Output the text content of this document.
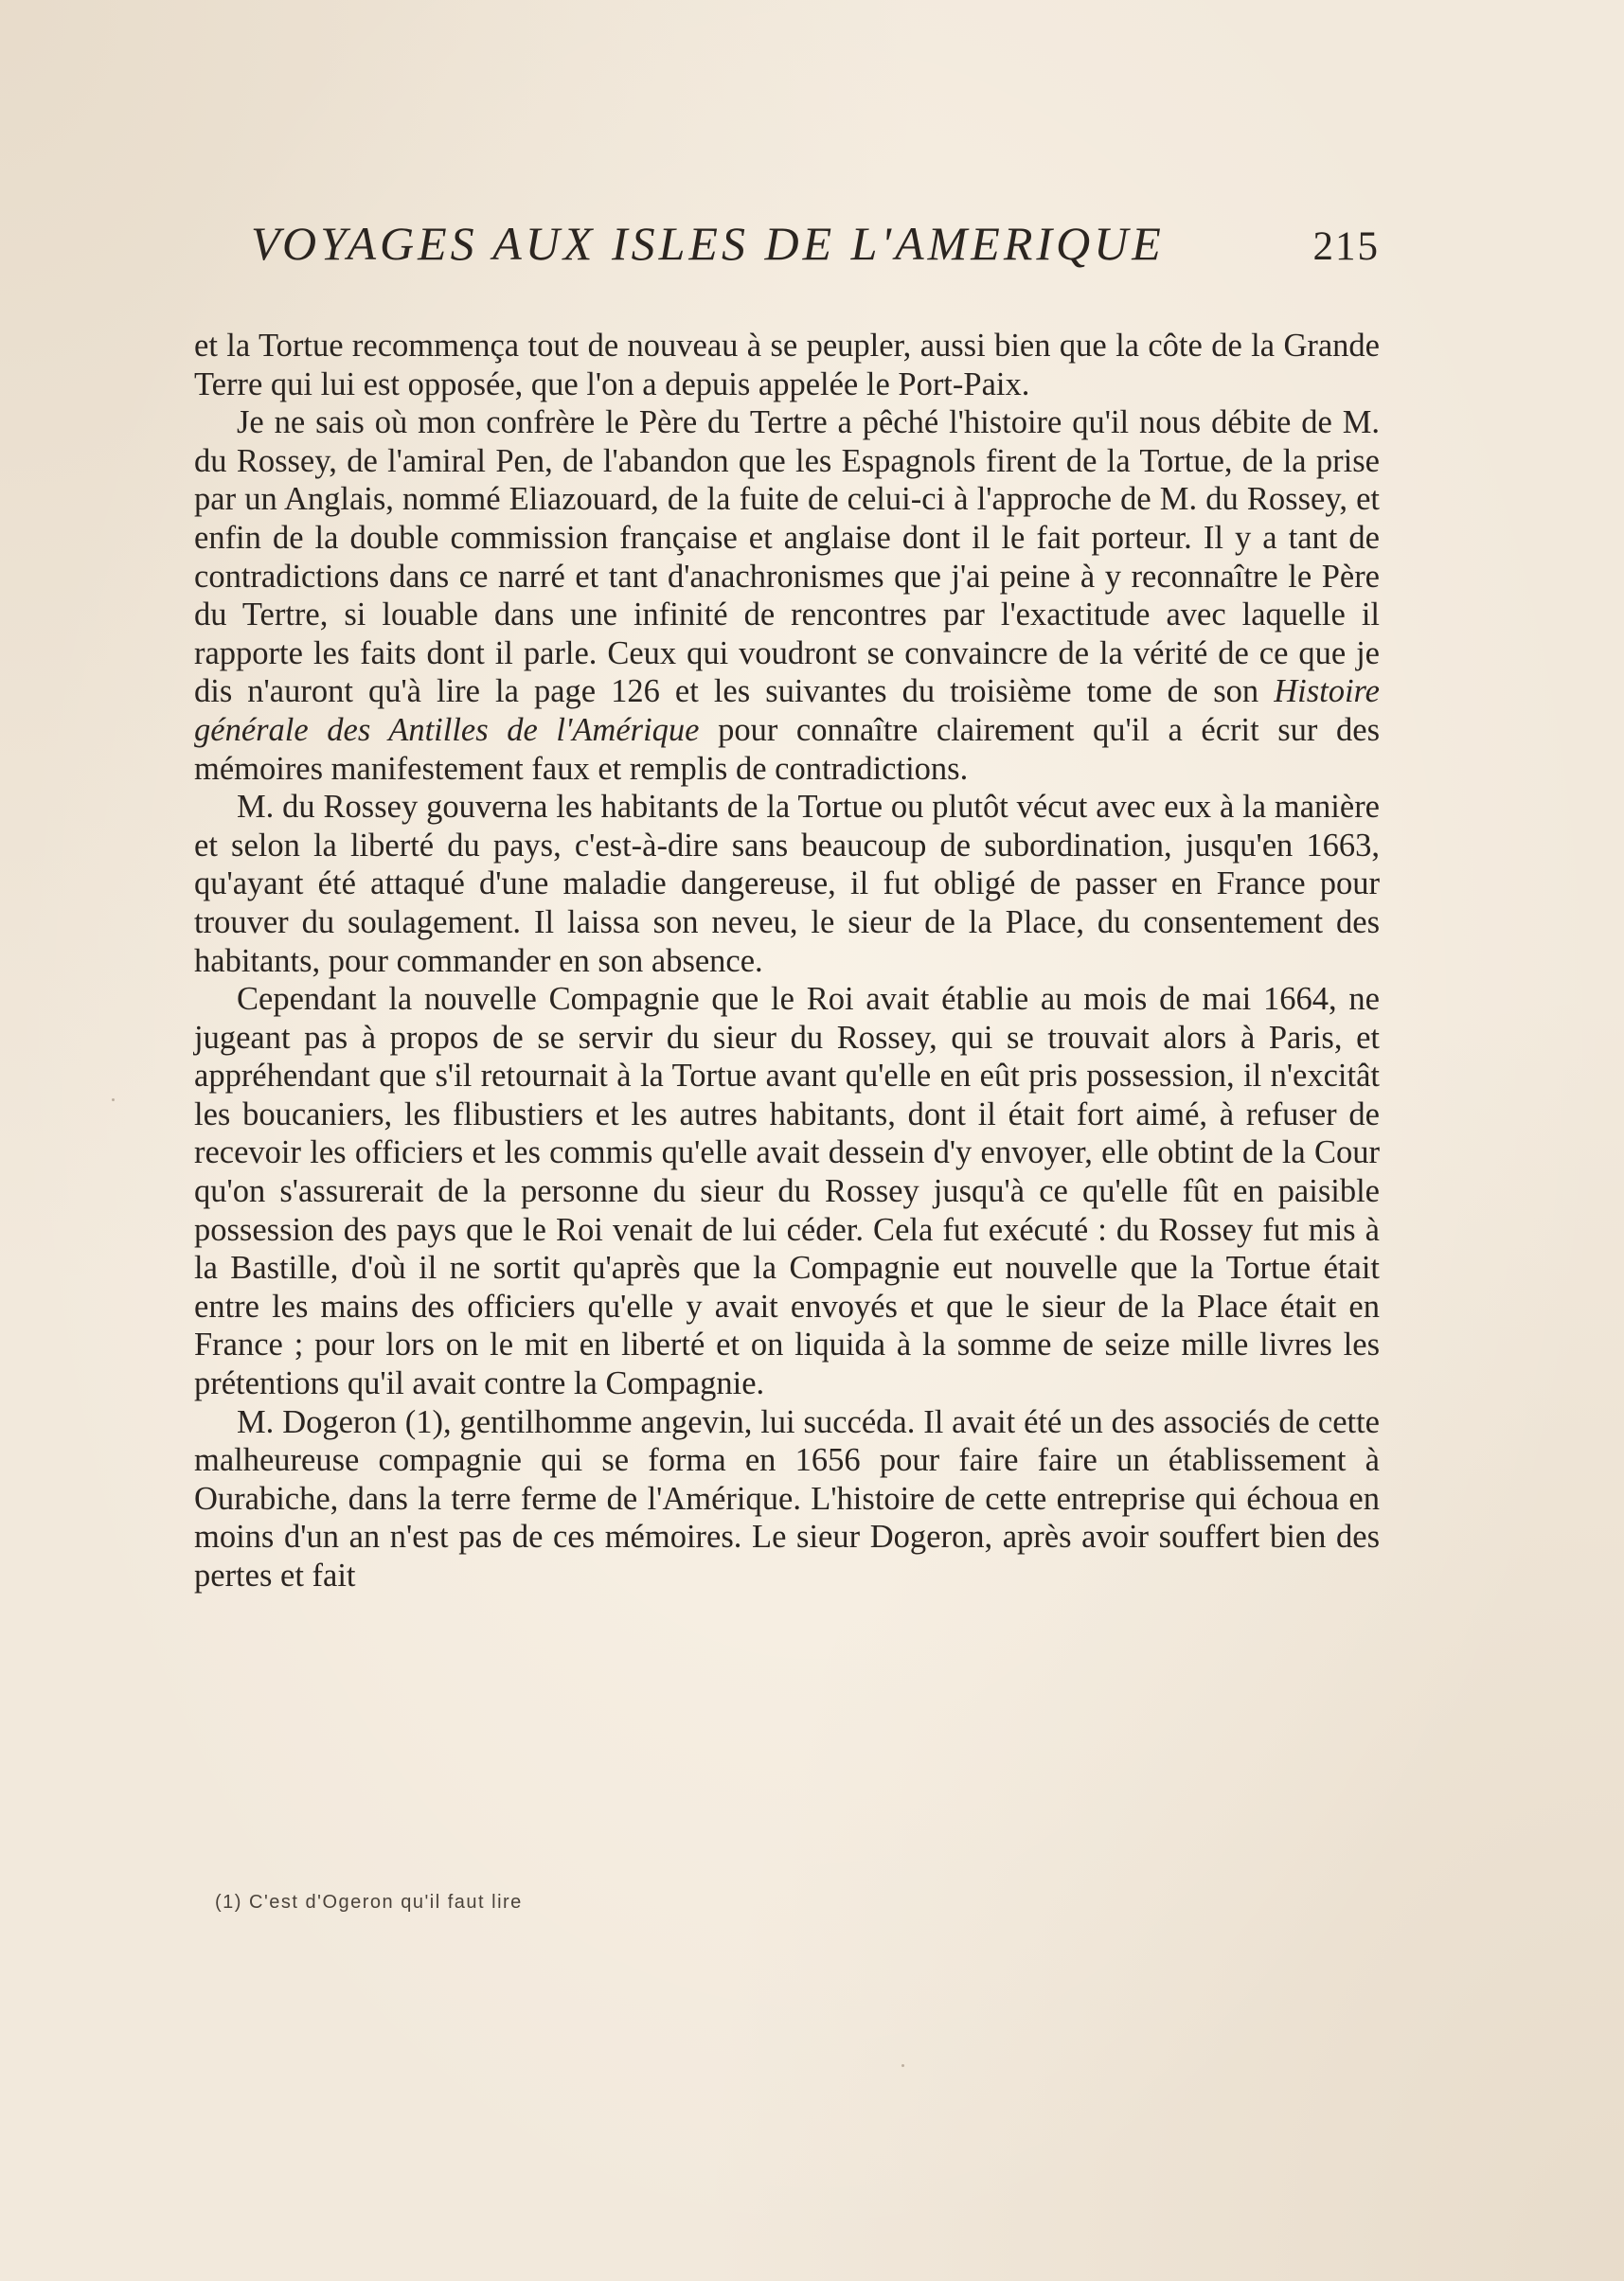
VOYAGES AUX ISLES DE L'AMERIQUE	215

et la Tortue recommença tout de nouveau à se peupler, aussi bien que la côte de la Grande Terre qui lui est opposée, que l'on a depuis appelée le Port-Paix.

Je ne sais où mon confrère le Père du Tertre a pêché l'histoire qu'il nous débite de M. du Rossey, de l'amiral Pen, de l'abandon que les Espagnols firent de la Tortue, de la prise par un Anglais, nommé Eliazouard, de la fuite de celui-ci à l'approche de M. du Rossey, et enfin de la double commission française et anglaise dont il le fait porteur. Il y a tant de contradictions dans ce narré et tant d'anachronismes que j'ai peine à y reconnaître le Père du Tertre, si louable dans une infinité de rencontres par l'exactitude avec laquelle il rapporte les faits dont il parle. Ceux qui voudront se convaincre de la vérité de ce que je dis n'auront qu'à lire la page 126 et les suivantes du troisième tome de son Histoire générale des Antilles de l'Amérique pour connaître clairement qu'il a écrit sur des mémoires manifestement faux et remplis de contradictions.

M. du Rossey gouverna les habitants de la Tortue ou plutôt vécut avec eux à la manière et selon la liberté du pays, c'est-à-dire sans beaucoup de subordination, jusqu'en 1663, qu'ayant été attaqué d'une maladie dangereuse, il fut obligé de passer en France pour trouver du soulagement. Il laissa son neveu, le sieur de la Place, du consentement des habitants, pour commander en son absence.

Cependant la nouvelle Compagnie que le Roi avait établie au mois de mai 1664, ne jugeant pas à propos de se servir du sieur du Rossey, qui se trouvait alors à Paris, et appréhendant que s'il retournait à la Tortue avant qu'elle en eût pris possession, il n'excitât les boucaniers, les flibustiers et les autres habitants, dont il était fort aimé, à refuser de recevoir les officiers et les commis qu'elle avait dessein d'y envoyer, elle obtint de la Cour qu'on s'assurerait de la personne du sieur du Rossey jusqu'à ce qu'elle fût en paisible possession des pays que le Roi venait de lui céder. Cela fut exécuté : du Rossey fut mis à la Bastille, d'où il ne sortit qu'après que la Compagnie eut nouvelle que la Tortue était entre les mains des officiers qu'elle y avait envoyés et que le sieur de la Place était en France ; pour lors on le mit en liberté et on liquida à la somme de seize mille livres les prétentions qu'il avait contre la Compagnie.

M. Dogeron (1), gentilhomme angevin, lui succéda. Il avait été un des associés de cette malheureuse compagnie qui se forma en 1656 pour faire faire un établissement à Ourabiche, dans la terre ferme de l'Amérique. L'histoire de cette entreprise qui échoua en moins d'un an n'est pas de ces mémoires. Le sieur Dogeron, après avoir souffert bien des pertes et fait

(1) C'est d'Ogeron qu'il faut lire
